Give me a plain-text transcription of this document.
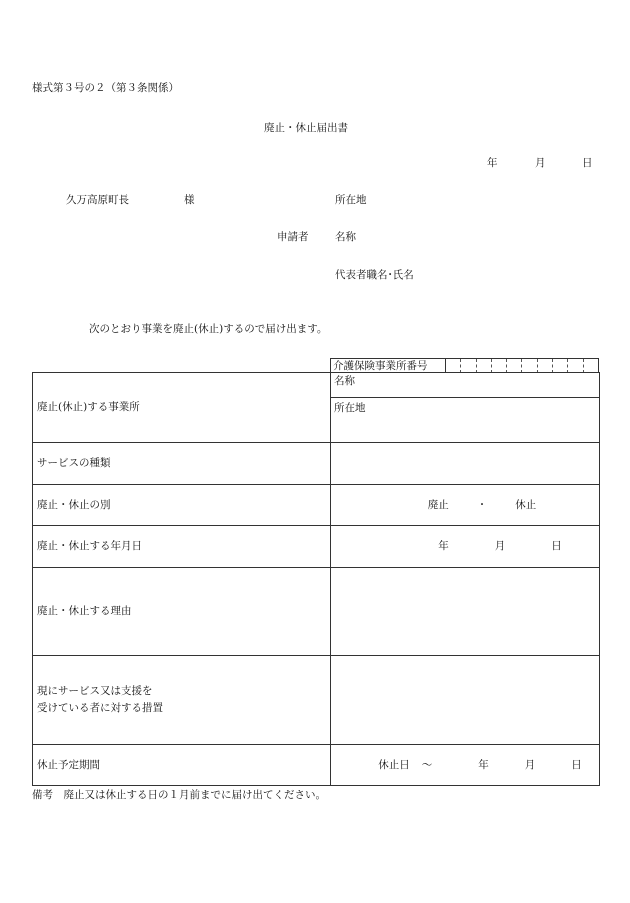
様式第３号の２（第３条関係）
廃止・休止届出書
年	月	日
久万高原町長	様	所在地
申請者	名称
代表者職名･氏名
次のとおり事業を廃止(休止)するので届け出ます。
介護保険事業所番号
廃止(休止)する事業所	名称
所在地

サービスの種類	
廃止・休止の別	廃止 ・ 休止

廃止・休止する年月日	年 月 日

廃止・休止する理由	

現にサービス又は支援を
受けている者に対する措置	

休止予定期間	休止日 ～ 年 月 日
備考　廃止又は休止する日の１月前までに届け出てください。
